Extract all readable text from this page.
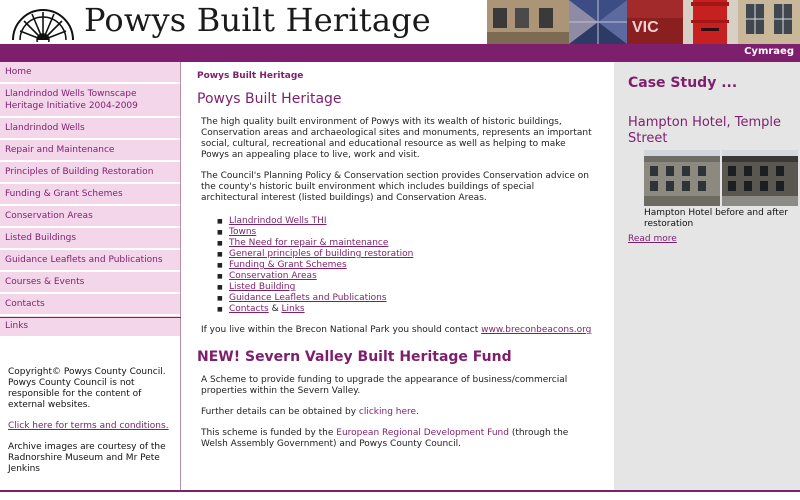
Powys Built Heritage	VIC
Cymraeg
Home
Llandrindod Wells Townscape Heritage Initiative 2004-2009
Llandrindod Wells
Repair and Maintenance
Principles of Building Restoration
Funding & Grant Schemes
Conservation Areas
Listed Buildings
Guidance Leaflets and Publications
Courses & Events
Contacts
Links

Copyright© Powys County Council. Powys County Council is not responsible for the content of external websites.

Click here for terms and conditions.

Archive images are courtesy of the Radnorshire Museum and Mr Pete Jenkins

Powys Built Heritage
Powys Built Heritage

The high quality built environment of Powys with its wealth of historic buildings, Conservation areas and archaeological sites and monuments, represents an important social, cultural, recreational and educational resource as well as helping to make Powys an appealing place to live, work and visit.

The Council's Planning Policy & Conservation section provides Conservation advice on the county's historic built environment which includes buildings of special architectural interest (listed buildings) and Conservation Areas.

■ Llandrindod Wells THI
■ Towns
■ The Need for repair & maintenance
■ General principles of building restoration
■ Funding & Grant Schemes
■ Conservation Areas
■ Listed Building
■ Guidance Leaflets and Publications
■ Contacts & Links

If you live within the Brecon National Park you should contact www.breconbeacons.org

NEW! Severn Valley Built Heritage Fund

A Scheme to provide funding to upgrade the appearance of business/commercial properties within the Severn Valley.

Further details can be obtained by clicking here.

This scheme is funded by the European Regional Development Fund (through the Welsh Assembly Government) and Powys County Council.

Case Study ...
Hampton Hotel, Temple Street
Hampton Hotel before and after restoration
Read more
